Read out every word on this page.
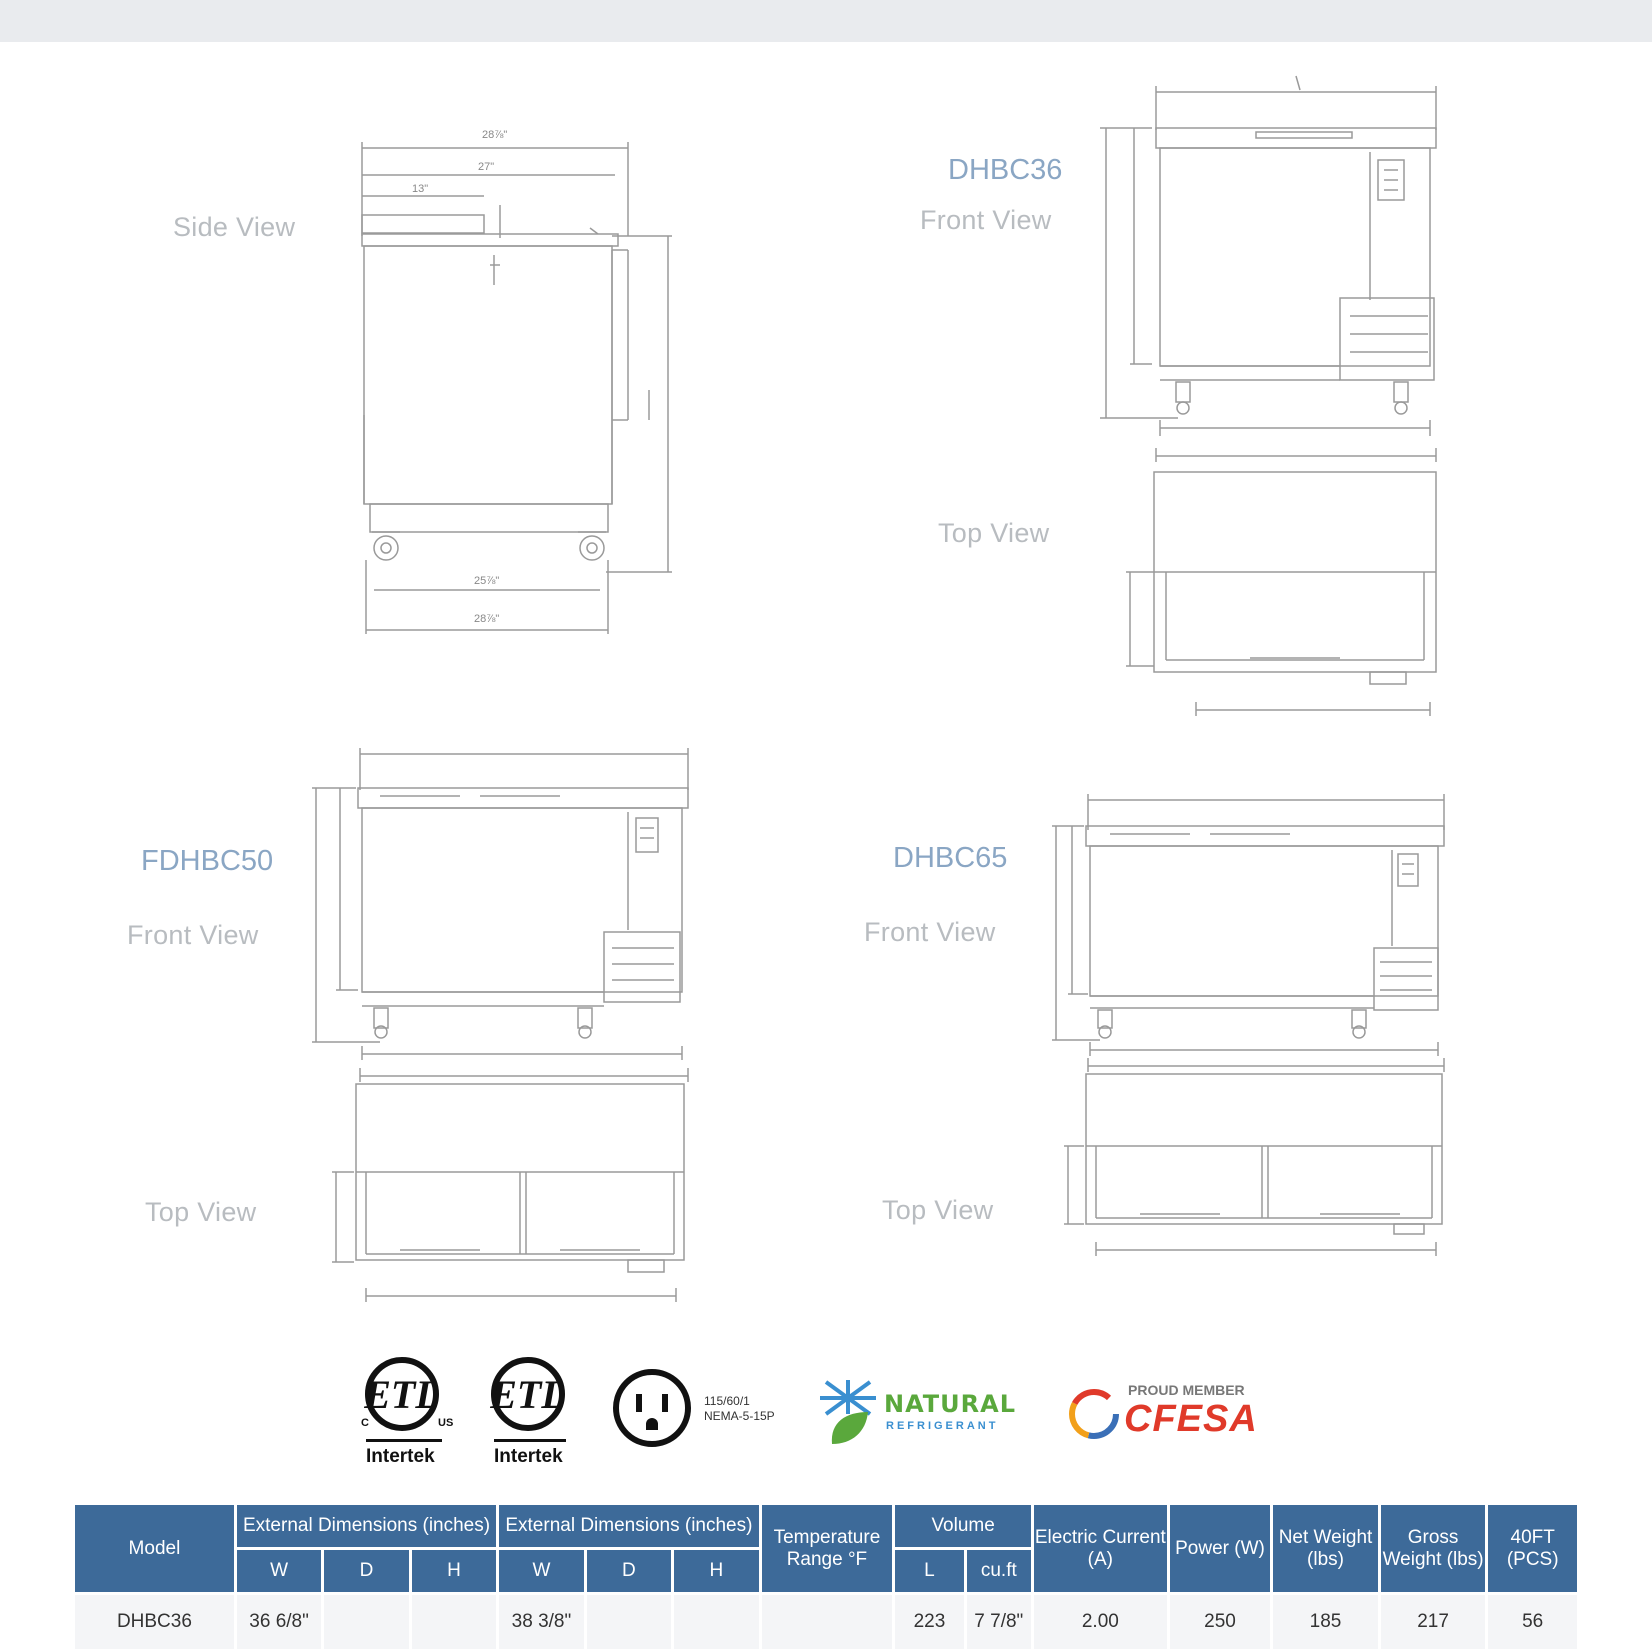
Side View
DHBC36
Front View
Top View
FDHBC50
Front View
Top View
DHBC65
Front View
Top View
28⅞"
27"
13"
25⅞"
28⅞"
ETL
C	US
Intertek
ETL
Intertek
115/60/1
NEMA-5-15P	NATURAL
REFRIGERANT
PROUD MEMBER
CFESA
Model	External Dimensions (inches)			External Dimensions (inches)			Temperature Range °F	Volume		Electric Current (A)	Power (W)	Net Weight (lbs)	Gross Weight (lbs)	40FT (PCS)
	W	D	H	W	D	H		L	cu.ft					
DHBC36	36 6/8"			38 3/8"				223	7 7/8"	2.00	250	185	217	56
